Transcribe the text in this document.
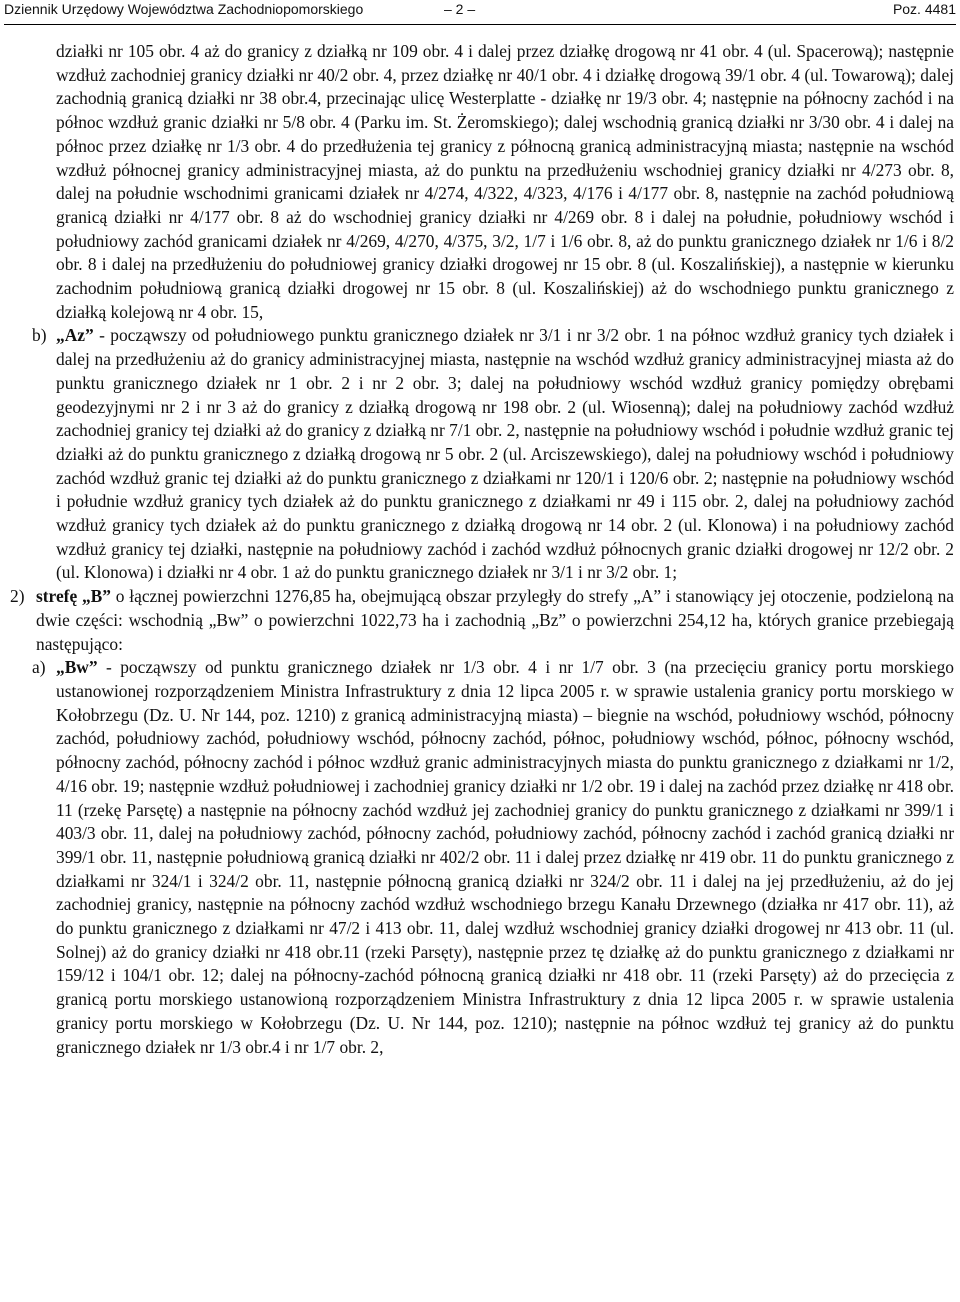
Dziennik Urzędowy Województwa Zachodniopomorskiego	– 2 –	Poz. 4481

działki nr 105 obr. 4 aż do granicy z działką nr 109 obr. 4 i dalej przez działkę drogową nr 41 obr. 4 (ul. Spacerową); następnie wzdłuż zachodniej granicy działki nr 40/2 obr. 4, przez działkę nr 40/1 obr. 4 i działkę drogową 39/1 obr. 4 (ul. Towarową); dalej zachodnią granicą działki nr 38 obr.4, przecinając ulicę Westerplatte - działkę nr 19/3 obr. 4; następnie na północny zachód i na północ wzdłuż granic działki nr 5/8 obr. 4 (Parku im. St. Żeromskiego); dalej wschodnią granicą działki nr 3/30 obr. 4 i dalej na północ przez działkę nr 1/3 obr. 4 do przedłużenia tej granicy z północną granicą administracyjną miasta; następnie na wschód wzdłuż północnej granicy administracyjnej miasta, aż do punktu na przedłużeniu wschodniej granicy działki nr 4/273 obr. 8, dalej na południe wschodnimi granicami działek nr 4/274, 4/322, 4/323, 4/176 i 4/177 obr. 8, następnie na zachód południową granicą działki nr 4/177 obr. 8 aż do wschodniej granicy działki nr 4/269 obr. 8 i dalej na południe, południowy wschód i południowy zachód granicami działek nr 4/269, 4/270, 4/375, 3/2, 1/7 i 1/6 obr. 8, aż do punktu granicznego działek nr 1/6 i 8/2 obr. 8 i dalej na przedłużeniu do południowej granicy działki drogowej nr 15 obr. 8 (ul. Koszalińskiej), a następnie w kierunku zachodnim południową granicą działki drogowej nr 15 obr. 8 (ul. Koszalińskiej) aż do wschodniego punktu granicznego z działką kolejową nr 4 obr. 15,

b) „Az” - począwszy od południowego punktu granicznego działek nr 3/1 i nr 3/2 obr. 1 na północ wzdłuż granicy tych działek i dalej na przedłużeniu aż do granicy administracyjnej miasta, następnie na wschód wzdłuż granicy administracyjnej miasta aż do punktu granicznego działek nr 1 obr. 2 i nr 2 obr. 3; dalej na południowy wschód wzdłuż granicy pomiędzy obrębami geodezyjnymi nr 2 i nr 3 aż do granicy z działką drogową nr 198 obr. 2 (ul. Wiosenną); dalej na południowy zachód wzdłuż zachodniej granicy tej działki aż do granicy z działką nr 7/1 obr. 2, następnie na południowy wschód i południe wzdłuż granic tej działki aż do punktu granicznego z działką drogową nr 5 obr. 2 (ul. Arciszewskiego), dalej na południowy wschód i południowy zachód wzdłuż granic tej działki aż do punktu granicznego z działkami nr 120/1 i 120/6 obr. 2; następnie na południowy wschód i południe wzdłuż granicy tych działek aż do punktu granicznego z działkami nr 49 i 115 obr. 2, dalej na południowy zachód wzdłuż granicy tych działek aż do punktu granicznego z działką drogową nr 14 obr. 2 (ul. Klonowa) i na południowy zachód wzdłuż granicy tej działki, następnie na południowy zachód i zachód wzdłuż północnych granic działki drogowej nr 12/2 obr. 2 (ul. Klonowa) i działki nr 4 obr. 1 aż do punktu granicznego działek nr 3/1 i nr 3/2 obr. 1;

2) strefę „B” o łącznej powierzchni 1276,85 ha, obejmującą obszar przyległy do strefy „A” i stanowiący jej otoczenie, podzieloną na dwie części: wschodnią „Bw” o powierzchni 1022,73 ha i zachodnią „Bz” o powierzchni 254,12 ha, których granice przebiegają następująco:

a) „Bw” - począwszy od punktu granicznego działek nr 1/3 obr. 4 i nr 1/7 obr. 3 (na przecięciu granicy portu morskiego ustanowionej rozporządzeniem Ministra Infrastruktury z dnia 12 lipca 2005 r. w sprawie ustalenia granicy portu morskiego w Kołobrzegu (Dz. U. Nr 144, poz. 1210) z granicą administracyjną miasta) – biegnie na wschód, południowy wschód, północny zachód, południowy zachód, południowy wschód, północny zachód, północ, południowy wschód, północ, północny wschód, północny zachód, północny zachód i północ wzdłuż granic administracyjnych miasta do punktu granicznego z działkami nr 1/2, 4/16 obr. 19; następnie wzdłuż południowej i zachodniej granicy działki nr 1/2 obr. 19 i dalej na zachód przez działkę nr 418 obr. 11 (rzekę Parsętę) a następnie na północny zachód wzdłuż jej zachodniej granicy do punktu granicznego z działkami nr 399/1 i 403/3 obr. 11, dalej na południowy zachód, północny zachód, południowy zachód, północny zachód i zachód granicą działki nr 399/1 obr. 11, następnie południową granicą działki nr 402/2 obr. 11 i dalej przez działkę nr 419 obr. 11 do punktu granicznego z działkami nr 324/1 i 324/2 obr. 11, następnie północną granicą działki nr 324/2 obr. 11 i dalej na jej przedłużeniu, aż do jej zachodniej granicy, następnie na północny zachód wzdłuż wschodniego brzegu Kanału Drzewnego (działka nr 417 obr. 11), aż do punktu granicznego z działkami nr 47/2 i 413 obr. 11, dalej wzdłuż wschodniej granicy działki drogowej nr 413 obr. 11 (ul. Solnej) aż do granicy działki nr 418 obr.11 (rzeki Parsęty), następnie przez tę działkę aż do punktu granicznego z działkami nr 159/12 i 104/1 obr. 12; dalej na północny-zachód północną granicą działki nr 418 obr. 11 (rzeki Parsęty) aż do przecięcia z granicą portu morskiego ustanowioną rozporządzeniem Ministra Infrastruktury z dnia 12 lipca 2005 r. w sprawie ustalenia granicy portu morskiego w Kołobrzegu (Dz. U. Nr 144, poz. 1210); następnie na północ wzdłuż tej granicy aż do punktu granicznego działek nr 1/3 obr.4 i nr 1/7 obr. 2,
